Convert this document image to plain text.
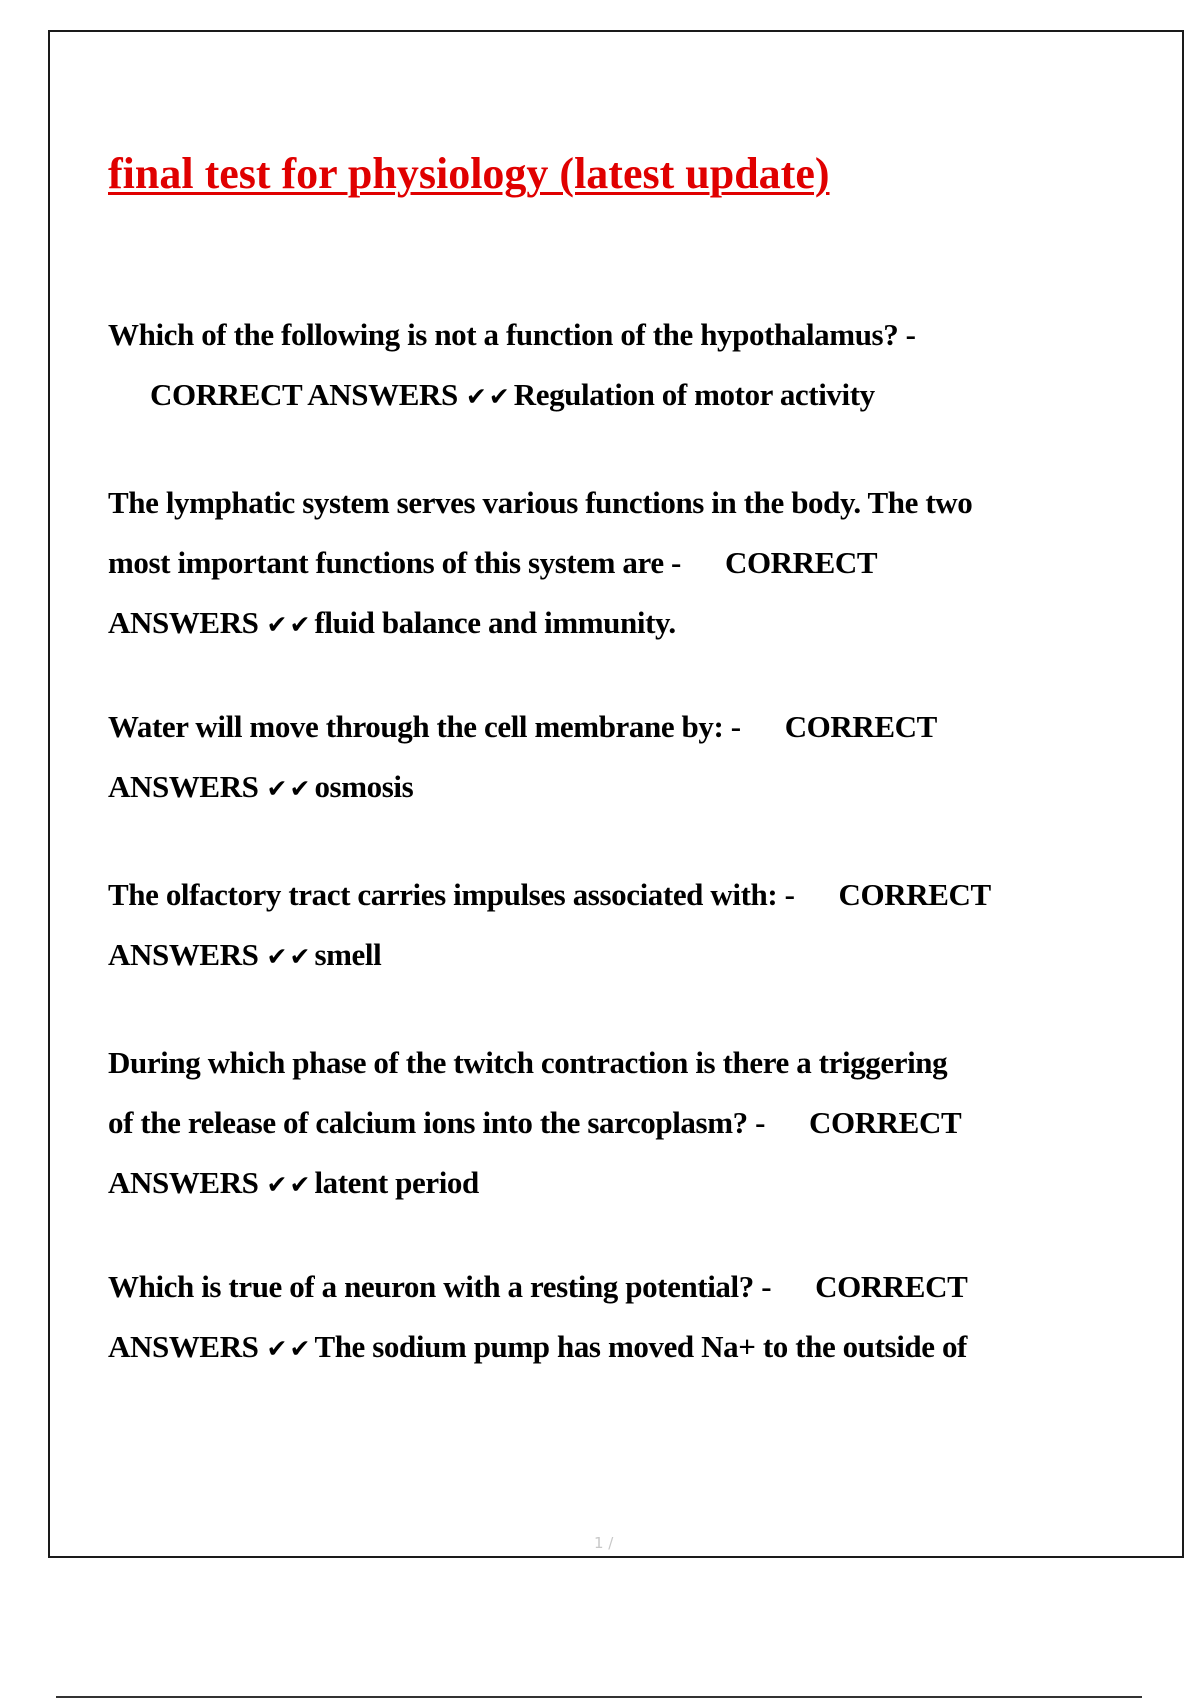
final test for physiology (latest update)
Which of the following is not a function of the hypothalamus? -
CORRECT ANSWERS ✔✔Regulation of motor activity
The lymphatic system serves various functions in the body. The two
most important functions of this system are - CORRECT
ANSWERS ✔✔fluid balance and immunity.
Water will move through the cell membrane by: - CORRECT
ANSWERS ✔✔osmosis
The olfactory tract carries impulses associated with: - CORRECT
ANSWERS ✔✔smell
During which phase of the twitch contraction is there a triggering
of the release of calcium ions into the sarcoplasm? - CORRECT
ANSWERS ✔✔latent period
Which is true of a neuron with a resting potential? - CORRECT
ANSWERS ✔✔The sodium pump has moved Na+ to the outside of
1 /
